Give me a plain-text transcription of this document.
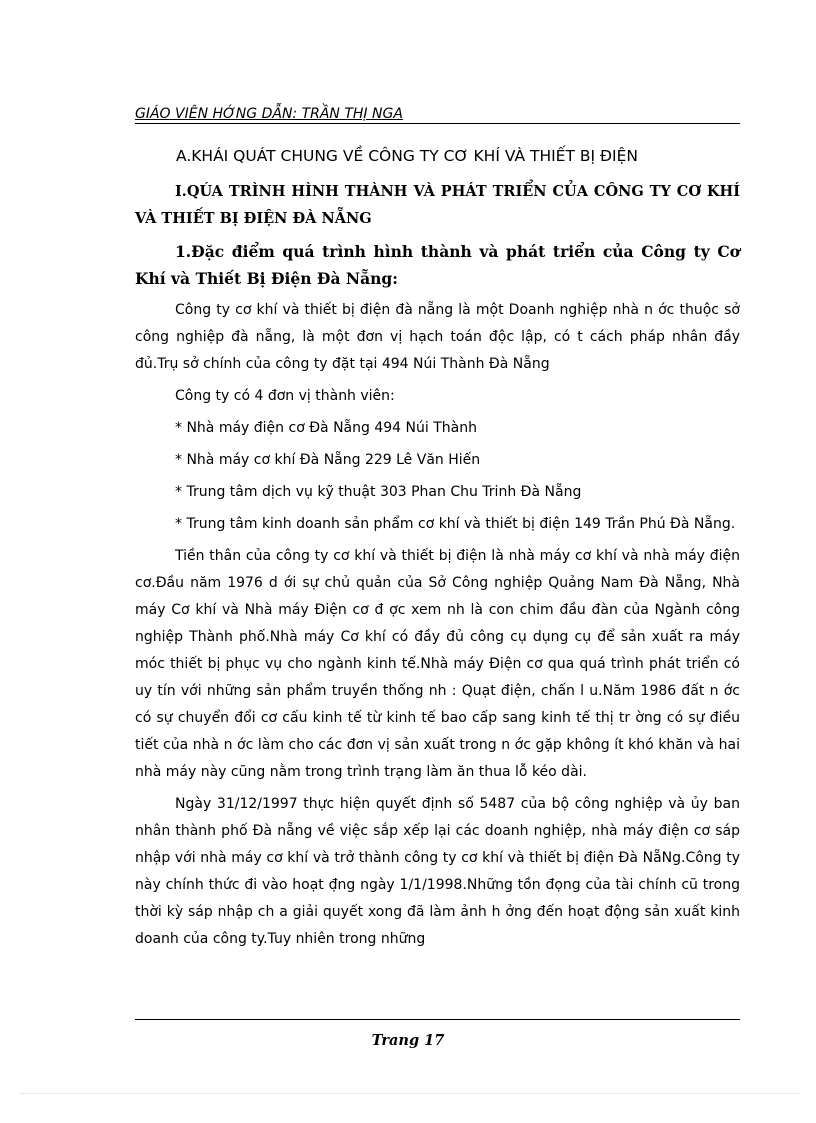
GIÁO VIÊN HỚNG DẪN: TRẦN THỊ NGA
A.KHÁI QUÁT CHUNG VỀ CÔNG TY CƠ KHÍ VÀ THIẾT BỊ ĐIỆN
I.QÚA TRÌNH HÌNH THÀNH VÀ PHÁT TRIỂN CỦA CÔNG TY CƠ KHÍ VÀ THIẾT BỊ ĐIỆN ĐÀ NẴNG
1.Đặc điểm quá trình hình thành và phát triển của Công ty Cơ Khí và Thiết Bị Điện Đà Nẵng:

Công ty cơ khí và thiết bị điện đà nẵng là một Doanh nghiệp nhà n ớc thuộc sở công nghiệp đà nẵng, là một đơn vị hạch toán độc lập, có t cách pháp nhân đầy đủ.Trụ sở chính của công ty đặt tại 494 Núi Thành Đà Nẵng

Công ty có 4 đơn vị thành viên:

* Nhà máy điện cơ Đà Nẵng 494 Núi Thành

* Nhà máy cơ khí Đà Nẵng 229 Lê Văn Hiến

* Trung tâm dịch vụ kỹ thuật 303 Phan Chu Trinh Đà Nẵng

* Trung tâm kinh doanh sản phẩm cơ khí và thiết bị điện 149 Trần Phú Đà Nẵng.

Tiền thân của công ty cơ khí và thiết bị điện là nhà máy cơ khí và nhà máy điện cơ.Đầu năm 1976 d ới sự chủ quản của Sở Công nghiệp Quảng Nam Đà Nẵng, Nhà máy Cơ khí và Nhà máy Điện cơ đ ợc xem nh là con chim đầu đàn của Ngành công nghiệp Thành phố.Nhà máy Cơ khí có đầy đủ công cụ dụng cụ để sản xuất ra máy móc thiết bị phục vụ cho ngành kinh tế.Nhà máy Điện cơ qua quá trình phát triển có uy tín với những sản phẩm truyền thống nh : Quạt điện, chấn l u.Năm 1986 đất n ớc có sự chuyển đổi cơ cấu kinh tế từ kinh tế bao cấp sang kinh tế thị tr ờng có sự điều tiết của nhà n ớc làm cho các đơn vị sản xuất trong n ớc gặp không ít khó khăn và hai nhà máy này cũng nằm trong trình trạng làm ăn thua lỗ kéo dài.

Ngày 31/12/1997 thực hiện quyết định số 5487 của bộ công nghiệp và ủy ban nhân thành phố Đà nẵng về việc sắp xếp lại các doanh nghiệp, nhà máy điện cơ sáp nhập với nhà máy cơ khí và trở thành công ty cơ khí và thiết bị điện Đà NẵNg.Công ty này chính thức đi vào hoạt đ̣ng ngày 1/1/1998.Những tồn đọng của tài chính cũ trong thời kỳ sáp nhập ch a giải quyết xong đã làm ảnh h ởng đến hoạt động sản xuất kinh doanh của công ty.Tuy nhiên trong những

Trang 17
